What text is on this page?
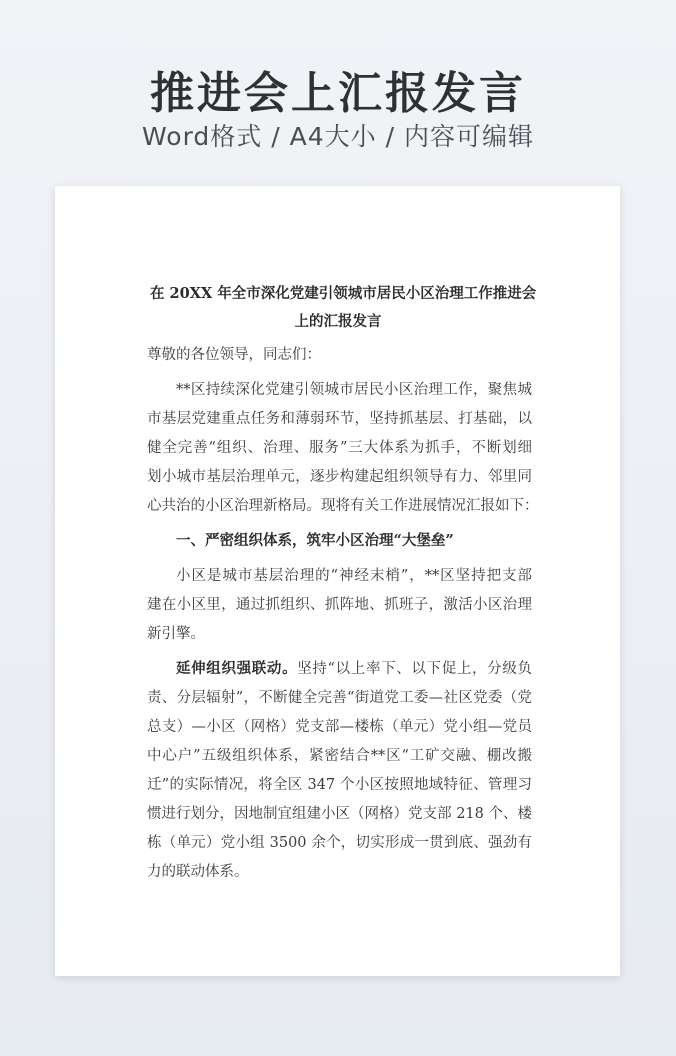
推进会上汇报发言
Word格式 / A4大小 / 内容可编辑
在 20XX 年全市深化党建引领城市居民小区治理工作推进会
上的汇报发言
尊敬的各位领导，同志们：
**区持续深化党建引领城市居民小区治理工作，聚焦城
市基层党建重点任务和薄弱环节，坚持抓基层、打基础，以
健全完善“组织、治理、服务”三大体系为抓手，不断划细
划小城市基层治理单元，逐步构建起组织领导有力、邻里同
心共治的小区治理新格局。现将有关工作进展情况汇报如下：
一、严密组织体系，筑牢小区治理“大堡垒”
小区是城市基层治理的“神经末梢”，**区坚持把支部
建在小区里，通过抓组织、抓阵地、抓班子，激活小区治理
新引擎。
延伸组织强联动。坚持“以上率下、以下促上，分级负
责、分层辐射”，不断健全完善“街道党工委—社区党委（党
总支）—小区（网格）党支部—楼栋（单元）党小组—党员
中心户”五级组织体系，紧密结合**区“工矿交融、棚改搬
迁”的实际情况，将全区 347 个小区按照地域特征、管理习
惯进行划分，因地制宜组建小区（网格）党支部 218 个、楼
栋（单元）党小组 3500 余个，切实形成一贯到底、强劲有
力的联动体系。
